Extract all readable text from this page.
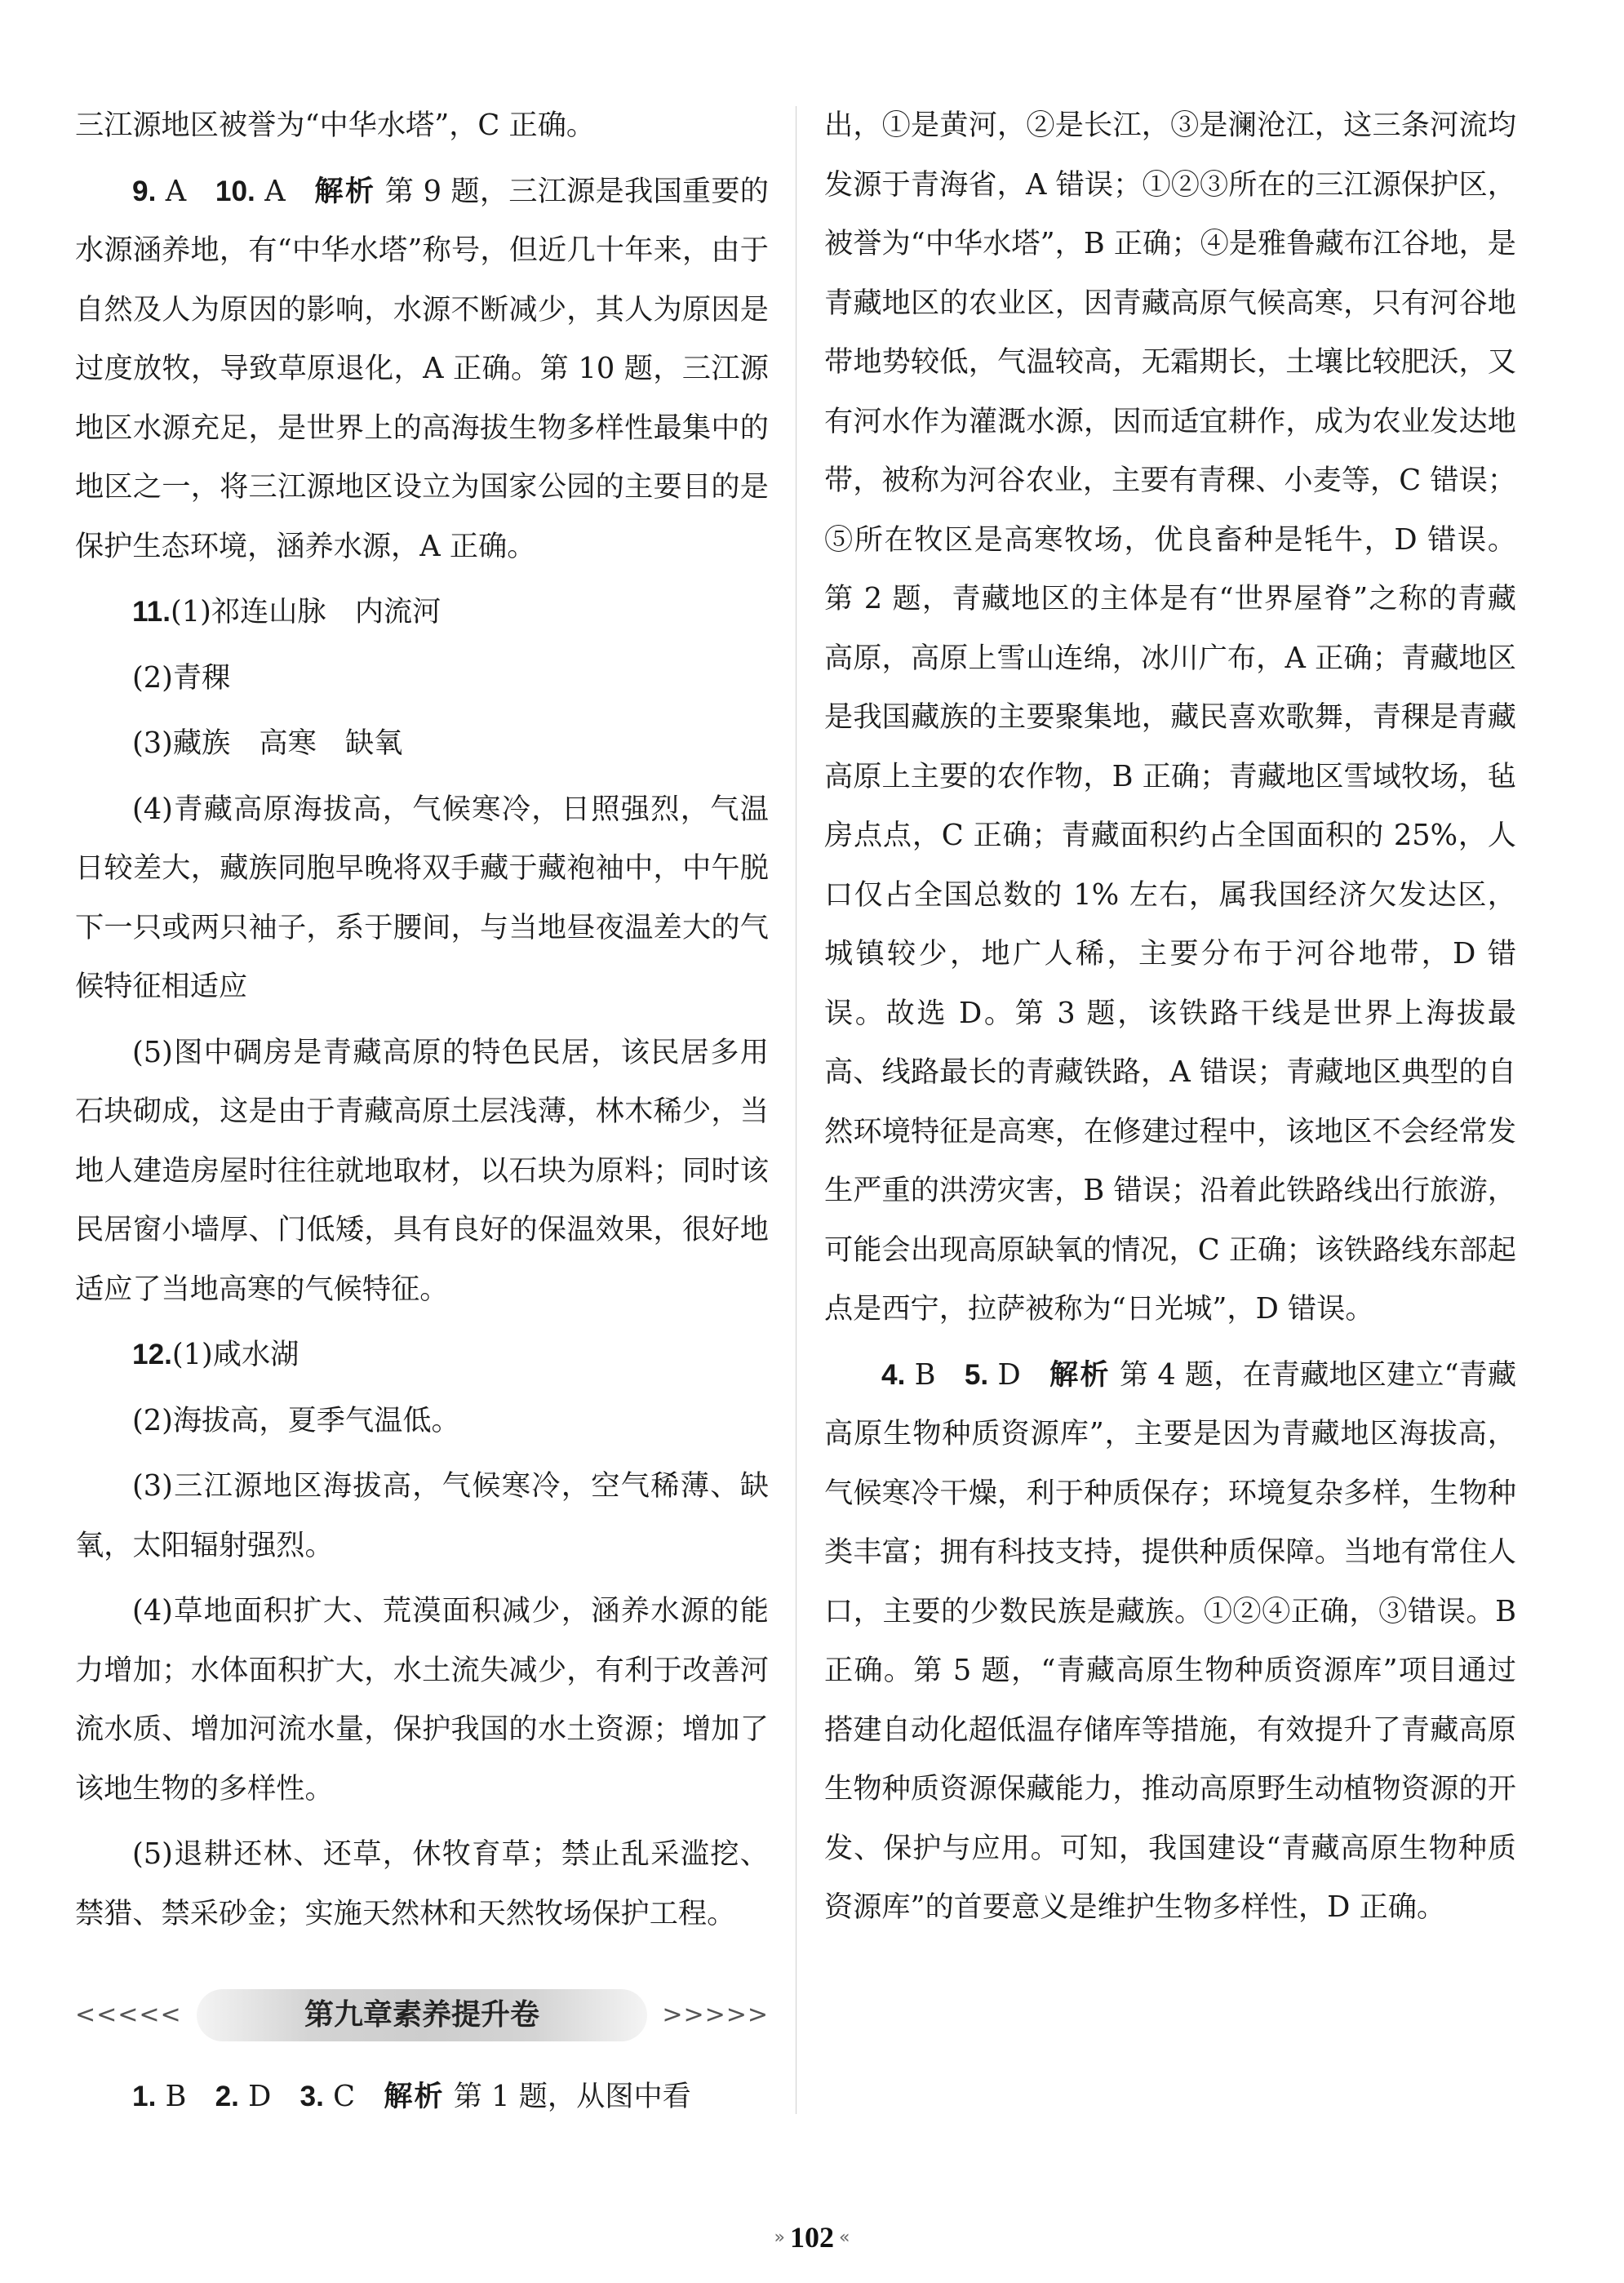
三江源地区被誉为“中华水塔”，C 正确。

9. A　10. A　解析 第 9 题，三江源是我国重要的水源涵养地，有“中华水塔”称号，但近几十年来，由于自然及人为原因的影响，水源不断减少，其人为原因是过度放牧，导致草原退化，A 正确。第 10 题，三江源地区水源充足，是世界上的高海拔生物多样性最集中的地区之一，将三江源地区设立为国家公园的主要目的是保护生态环境，涵养水源，A 正确。

11.(1)祁连山脉　内流河

(2)青稞

(3)藏族　高寒　缺氧

(4)青藏高原海拔高，气候寒冷，日照强烈，气温日较差大，藏族同胞早晚将双手藏于藏袍袖中，中午脱下一只或两只袖子，系于腰间，与当地昼夜温差大的气候特征相适应

(5)图中碉房是青藏高原的特色民居，该民居多用石块砌成，这是由于青藏高原土层浅薄，林木稀少，当地人建造房屋时往往就地取材，以石块为原料；同时该民居窗小墙厚、门低矮，具有良好的保温效果，很好地适应了当地高寒的气候特征。

12.(1)咸水湖

(2)海拔高，夏季气温低。

(3)三江源地区海拔高，气候寒冷，空气稀薄、缺氧，太阳辐射强烈。

(4)草地面积扩大、荒漠面积减少，涵养水源的能力增加；水体面积扩大，水土流失减少，有利于改善河流水质、增加河流水量，保护我国的水土资源；增加了该地生物的多样性。

(5)退耕还林、还草，休牧育草；禁止乱采滥挖、禁猎、禁采砂金；实施天然林和天然牧场保护工程。

<<<<<	第九章素养提升卷	>>>>>

1. B　2. D　3. C　解析 第 1 题，从图中看

出，①是黄河，②是长江，③是澜沧江，这三条河流均发源于青海省，A 错误；①②③所在的三江源保护区，被誉为“中华水塔”，B 正确；④是雅鲁藏布江谷地，是青藏地区的农业区，因青藏高原气候高寒，只有河谷地带地势较低，气温较高，无霜期长，土壤比较肥沃，又有河水作为灌溉水源，因而适宜耕作，成为农业发达地带，被称为河谷农业，主要有青稞、小麦等，C 错误；⑤所在牧区是高寒牧场，优良畜种是牦牛，D 错误。第 2 题，青藏地区的主体是有“世界屋脊”之称的青藏高原，高原上雪山连绵，冰川广布，A 正确；青藏地区是我国藏族的主要聚集地，藏民喜欢歌舞，青稞是青藏高原上主要的农作物，B 正确；青藏地区雪域牧场，毡房点点，C 正确；青藏面积约占全国面积的 25%，人口仅占全国总数的 1% 左右，属我国经济欠发达区，城镇较少，地广人稀，主要分布于河谷地带，D 错误。故选 D。第 3 题，该铁路干线是世界上海拔最高、线路最长的青藏铁路，A 错误；青藏地区典型的自然环境特征是高寒，在修建过程中，该地区不会经常发生严重的洪涝灾害，B 错误；沿着此铁路线出行旅游，可能会出现高原缺氧的情况，C 正确；该铁路线东部起点是西宁，拉萨被称为“日光城”，D 错误。

4. B　5. D　解析 第 4 题，在青藏地区建立“青藏高原生物种质资源库”，主要是因为青藏地区海拔高，气候寒冷干燥，利于种质保存；环境复杂多样，生物种类丰富；拥有科技支持，提供种质保障。当地有常住人口，主要的少数民族是藏族。①②④正确，③错误。B 正确。第 5 题，“青藏高原生物种质资源库”项目通过搭建自动化超低温存储库等措施，有效提升了青藏高原生物种质资源保藏能力，推动高原野生动植物资源的开发、保护与应用。可知，我国建设“青藏高原生物种质资源库”的首要意义是维护生物多样性，D 正确。

» 102 «
